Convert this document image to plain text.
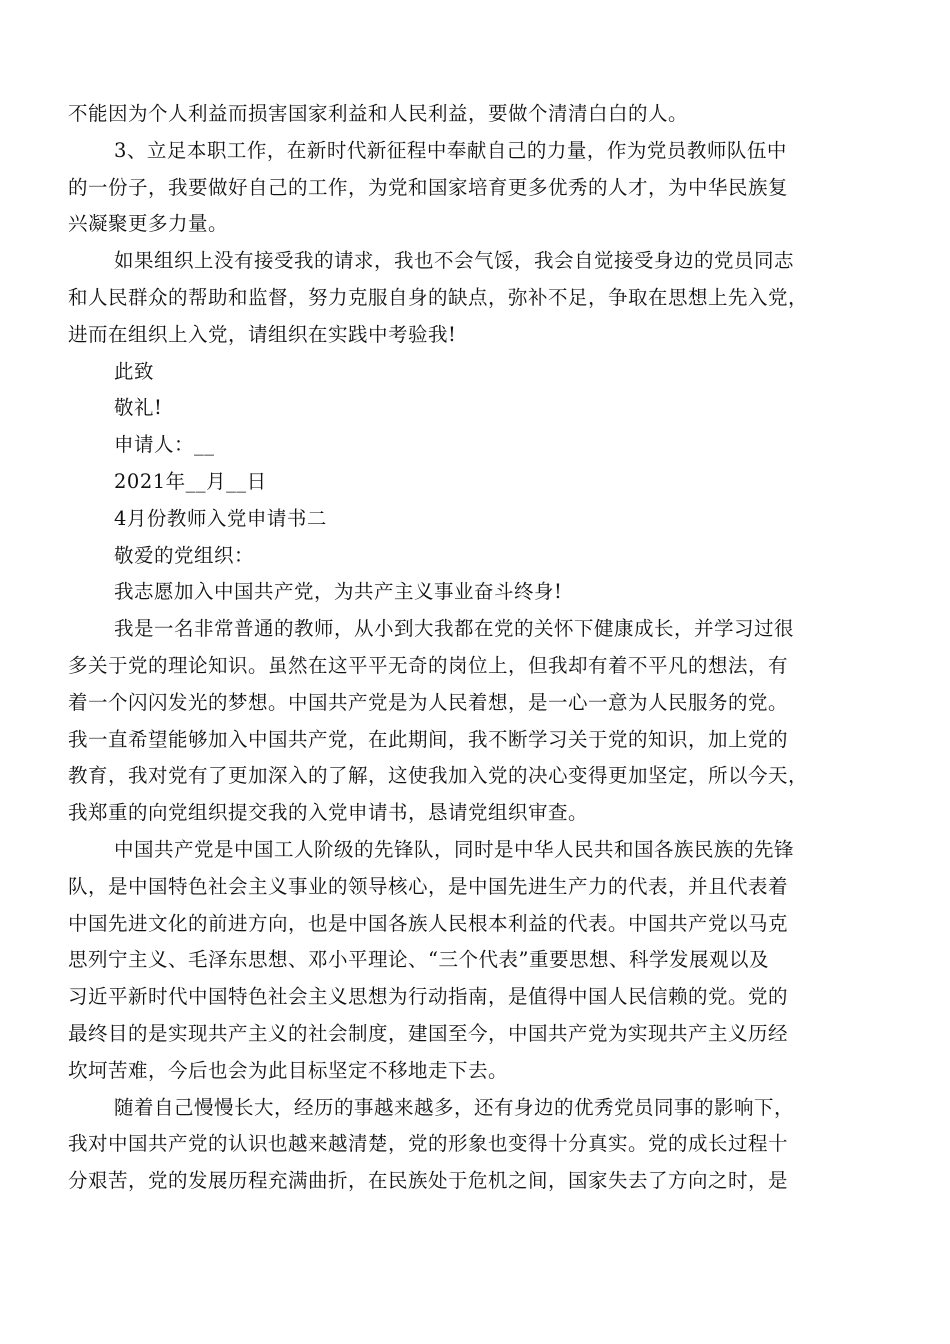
不能因为个人利益而损害国家利益和人民利益，要做个清清白白的人。
3、立足本职工作，在新时代新征程中奉献自己的力量，作为党员教师队伍中
的一份子，我要做好自己的工作，为党和国家培育更多优秀的人才，为中华民族复
兴凝聚更多力量。
如果组织上没有接受我的请求，我也不会气馁，我会自觉接受身边的党员同志
和人民群众的帮助和监督，努力克服自身的缺点，弥补不足，争取在思想上先入党，
进而在组织上入党，请组织在实践中考验我!
此致
敬礼!
申请人：__
2021年__月__日
4月份教师入党申请书二
敬爱的党组织：
我志愿加入中国共产党，为共产主义事业奋斗终身!
我是一名非常普通的教师，从小到大我都在党的关怀下健康成长，并学习过很
多关于党的理论知识。虽然在这平平无奇的岗位上，但我却有着不平凡的想法，有
着一个闪闪发光的梦想。中国共产党是为人民着想，是一心一意为人民服务的党。
我一直希望能够加入中国共产党，在此期间，我不断学习关于党的知识，加上党的
教育，我对党有了更加深入的了解，这使我加入党的决心变得更加坚定，所以今天，
我郑重的向党组织提交我的入党申请书，恳请党组织审查。
中国共产党是中国工人阶级的先锋队，同时是中华人民共和国各族民族的先锋
队，是中国特色社会主义事业的领导核心，是中国先进生产力的代表，并且代表着
中国先进文化的前进方向，也是中国各族人民根本利益的代表。中国共产党以马克
思列宁主义、毛泽东思想、邓小平理论、“三个代表”重要思想、科学发展观以及
习近平新时代中国特色社会主义思想为行动指南，是值得中国人民信赖的党。党的
最终目的是实现共产主义的社会制度，建国至今，中国共产党为实现共产主义历经
坎坷苦难，今后也会为此目标坚定不移地走下去。
随着自己慢慢长大，经历的事越来越多，还有身边的优秀党员同事的影响下，
我对中国共产党的认识也越来越清楚，党的形象也变得十分真实。党的成长过程十
分艰苦，党的发展历程充满曲折，在民族处于危机之间，国家失去了方向之时，是
